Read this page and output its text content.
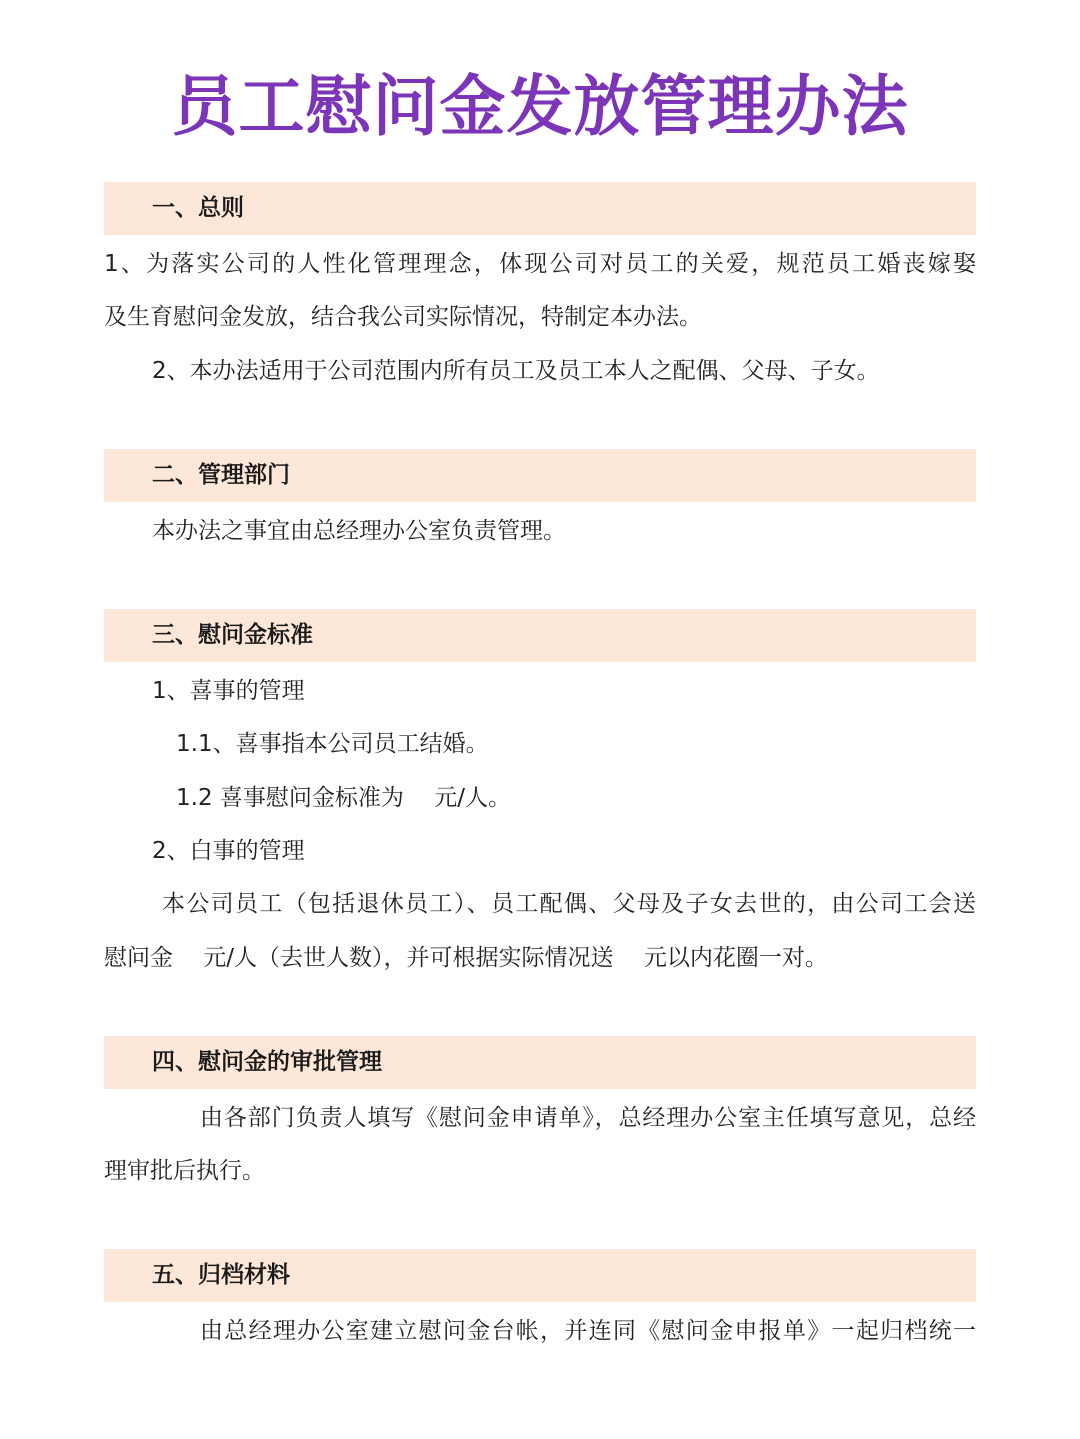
员工慰问金发放管理办法
一、总则
1、为落实公司的人性化管理理念，体现公司对员工的关爱，规范员工婚丧嫁娶
及生育慰问金发放，结合我公司实际情况，特制定本办法。
2、本办法适用于公司范围内所有员工及员工本人之配偶、父母、子女。
二、管理部门
本办法之事宜由总经理办公室负责管理。
三、慰问金标准
1、喜事的管理
1.1、喜事指本公司员工结婚。
1.2 喜事慰问金标准为　 元/人。
2、白事的管理
本公司员工（包括退休员工）、员工配偶、父母及子女去世的，由公司工会送
慰问金　 元/人（去世人数），并可根据实际情况送　 元以内花圈一对。
四、慰问金的审批管理
由各部门负责人填写《慰问金申请单》，总经理办公室主任填写意见，总经
理审批后执行。
五、归档材料
由总经理办公室建立慰问金台帐，并连同《慰问金申报单》一起归档统一
